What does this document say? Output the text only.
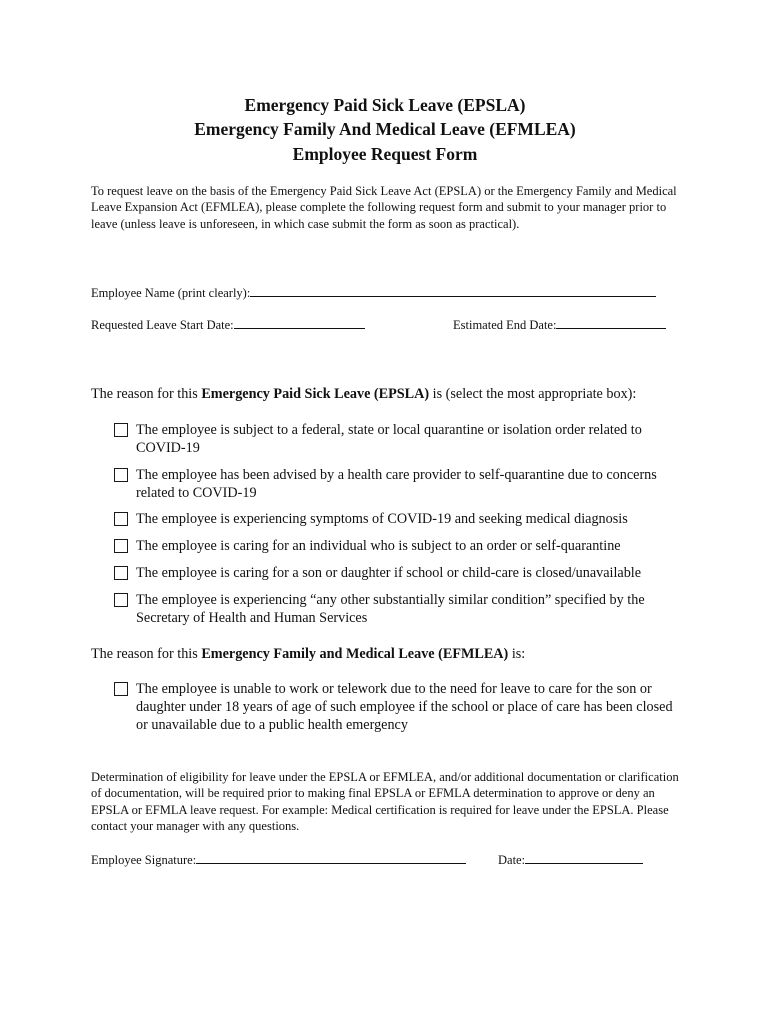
Emergency Paid Sick Leave (EPSLA)
Emergency Family And Medical Leave (EFMLEA)
Employee Request Form
To request leave on the basis of the Emergency Paid Sick Leave Act (EPSLA) or the Emergency Family and Medical Leave Expansion Act (EFMLEA), please complete the following request form and submit to your manager prior to leave (unless leave is unforeseen, in which case submit the form as soon as practical).
Employee Name (print clearly):
Requested Leave Start Date:	Estimated End Date:
The reason for this Emergency Paid Sick Leave (EPSLA) is (select the most appropriate box):
The employee is subject to a federal, state or local quarantine or isolation order related to COVID-19
The employee has been advised by a health care provider to self-quarantine due to concerns related to COVID-19
The employee is experiencing symptoms of COVID-19 and seeking medical diagnosis
The employee is caring for an individual who is subject to an order or self-quarantine
The employee is caring for a son or daughter if school or child-care is closed/unavailable
The employee is experiencing “any other substantially similar condition” specified by the Secretary of Health and Human Services
The reason for this Emergency Family and Medical Leave (EFMLEA) is:
The employee is unable to work or telework due to the need for leave to care for the son or daughter under 18 years of age of such employee if the school or place of care has been closed or unavailable due to a public health emergency
Determination of eligibility for leave under the EPSLA or EFMLEA, and/or additional documentation or clarification of documentation, will be required prior to making final EPSLA or EFMLA determination to approve or deny an EPSLA or EFMLA leave request. For example: Medical certification is required for leave under the EPSLA. Please contact your manager with any questions.
Employee Signature:	Date:
